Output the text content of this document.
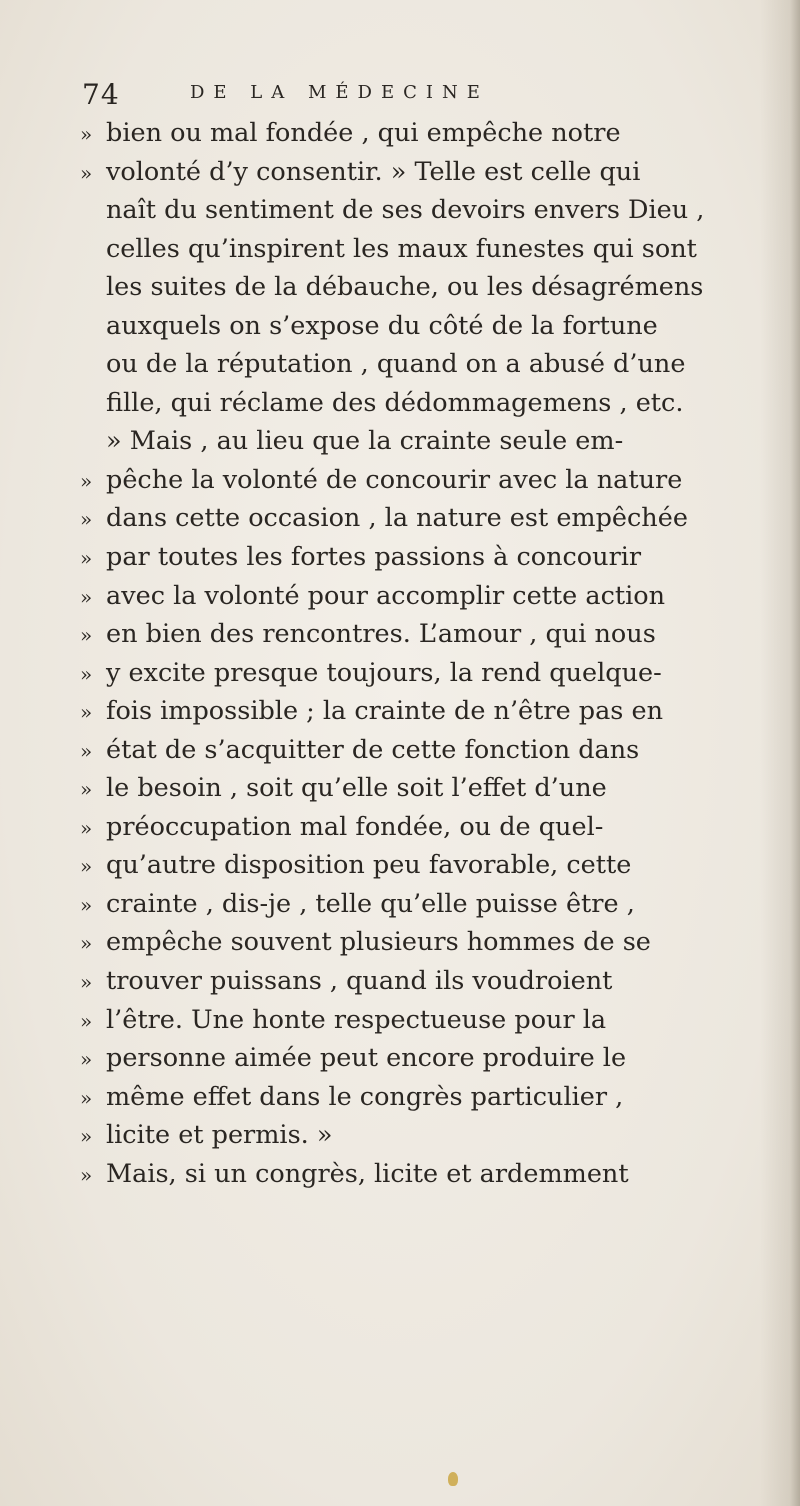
74	DE LA MÉDECINE
» bien ou mal fondée , qui empêche notre
» volonté d’y consentir. » Telle est celle qui
naît du sentiment de ses devoirs envers Dieu ,
celles qu’inspirent les maux funestes qui sont
les suites de la débauche, ou les désagrémens
auxquels on s’expose du côté de la fortune
ou de la réputation , quand on a abusé d’une
fille, qui réclame des dédommagemens , etc.
» Mais , au lieu que la crainte seule em-
» pêche la volonté de concourir avec la nature
» dans cette occasion , la nature est empêchée
» par toutes les fortes passions à concourir
» avec la volonté pour accomplir cette action
» en bien des rencontres. L’amour , qui nous
» y excite presque toujours, la rend quelque-
» fois impossible ; la crainte de n’être pas en
» état de s’acquitter de cette fonction dans
» le besoin , soit qu’elle soit l’effet d’une
» préoccupation mal fondée, ou de quel-
» qu’autre disposition peu favorable, cette
» crainte , dis-je , telle qu’elle puisse être ,
» empêche souvent plusieurs hommes de se
» trouver puissans , quand ils voudroient
» l’être. Une honte respectueuse pour la
» personne aimée peut encore produire le
» même effet dans le congrès particulier ,
» licite et permis. »
» Mais, si un congrès, licite et ardemment
